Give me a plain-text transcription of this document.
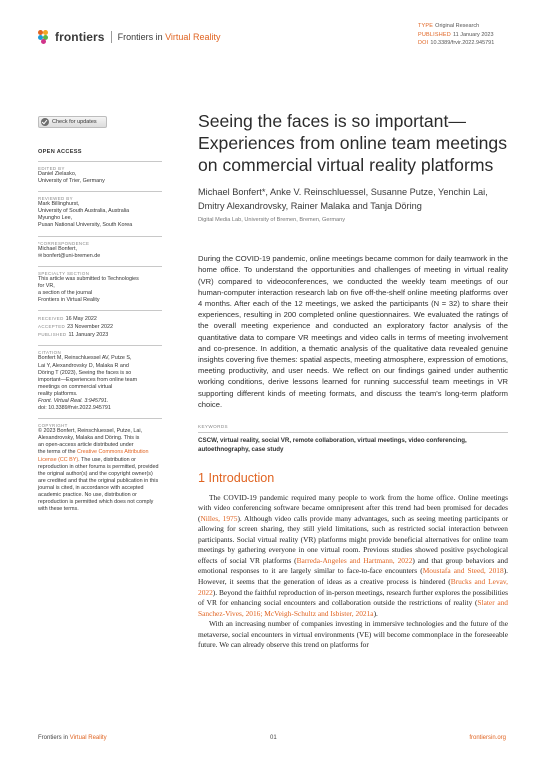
frontiers Frontiers in Virtual Reality
TYPE Original Research
PUBLISHED 11 January 2023
DOI 10.3389/frvir.2022.945791
Check for updates
OPEN ACCESS
EDITED BY
Daniel Zielasko,
University of Trier, Germany
REVIEWED BY
Mark Billinghurst,
University of South Australia, Australia
Myungho Lee,
Pusan National University, South Korea
*CORRESPONDENCE
Michael Bonfert,
✉bonfert@uni-bremen.de
SPECIALTY SECTION
This article was submitted to Technologies
for VR,
a section of the journal
Frontiers in Virtual Reality
RECEIVED 16 May 2022
ACCEPTED 23 November 2022
PUBLISHED 11 January 2023
CITATION
Bonfert M, Reinschluessel AV, Putze S,
Lai Y, Alexandrovsky D, Malaka R and
Döring T (2023), Seeing the faces is so
important—Experiences from online team
meetings on commercial virtual
reality platforms.
Front. Virtual Real. 3:945791.
doi: 10.3389/frvir.2022.945791
COPYRIGHT
© 2023 Bonfert, Reinschluessel, Putze, Lai,
Alexandrovsky, Malaka and Döring. This is
an open-access article distributed under
the terms of the Creative Commons Attribution License (CC BY). The use, distribution or reproduction in other forums is permitted, provided the original author(s) and the copyright owner(s) are credited and that the original publication in this journal is cited, in accordance with accepted academic practice. No use, distribution or reproduction is permitted which does not comply with these terms.
Seeing the faces is so important—Experiences from online team meetings on commercial virtual reality platforms
Michael Bonfert*, Anke V. Reinschluessel, Susanne Putze, Yenchin Lai, Dmitry Alexandrovsky, Rainer Malaka and Tanja Döring
Digital Media Lab, University of Bremen, Bremen, Germany
During the COVID-19 pandemic, online meetings became common for daily teamwork in the home office. To understand the opportunities and challenges of meeting in virtual reality (VR) compared to videoconferences, we conducted the weekly team meetings of our human-computer interaction research lab on five off-the-shelf online meeting platforms over 4 months. After each of the 12 meetings, we asked the participants (N = 32) to share their experiences, resulting in 200 completed online questionnaires. We evaluated the ratings of the overall meeting experience and conducted an exploratory factor analysis of the quantitative data to compare VR meetings and video calls in terms of meeting involvement and co-presence. In addition, a thematic analysis of the qualitative data revealed genuine insights covering five themes: spatial aspects, meeting atmosphere, expression of emotions, meeting productivity, and user needs. We reflect on our findings gained under authentic working conditions, derive lessons learned for running successful team meetings in VR supporting different kinds of meeting formats, and discuss the team's long-term platform choice.
KEYWORDS
CSCW, virtual reality, social VR, remote collaboration, virtual meetings, video conferencing, autoethnography, case study
1 Introduction

The COVID-19 pandemic required many people to work from the home office. Online meetings with video conferencing software became omnipresent after this trend had been promised for decades (Nilles, 1975). Although video calls provide many advantages, such as seeing meeting participants or allowing for screen sharing, they still yield limitations, such as restricted social interaction between participants. Social virtual reality (VR) platforms might provide beneficial alternatives for online team meetings by gathering everyone in one virtual room. Previous studies showed positive psychological effects of social VR platforms (Barreda-Angeles and Hartmann, 2022) and that group behaviors and emotional responses to it are largely similar to face-to-face encounters (Moustafa and Steed, 2018). However, it seems that the generation of ideas as a creative process is hindered (Brucks and Levav, 2022). Beyond the faithful reproduction of in-person meetings, research further explores the possibilities of VR for enhancing social encounters and collaboration outside the restrictions of reality (Slater and Sanchez-Vives, 2016; McVeigh-Schultz and Isbister, 2021a).

With an increasing number of companies investing in immersive technologies and the future of the metaverse, social encounters in virtual environments (VE) will become commonplace in the foreseeable future. We can already observe this trend on platforms for

Frontiers in Virtual Reality	01	frontiersin.org
